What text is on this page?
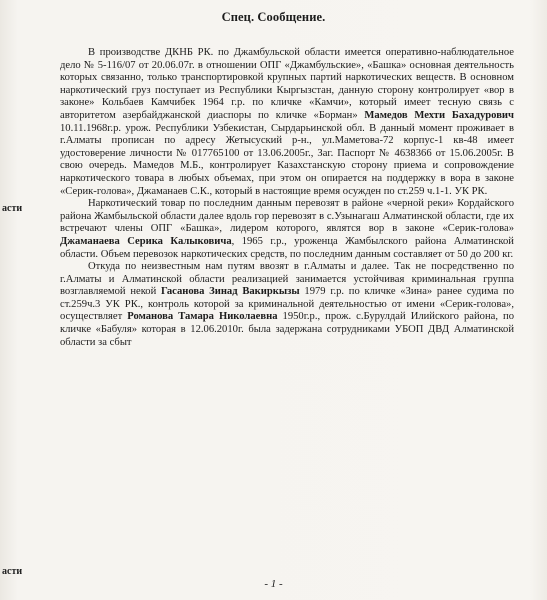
асти
асти
Спец. Сообщение.

В производстве ДКНБ РК. по Джамбульской области имеется оперативно-наблюдательное дело № 5-116/07 от 20.06.07г. в отношении ОПГ «Джамбульские», «Башка» основная деятельность которых связанно, только транспортировкой крупных партий наркотических веществ. В основном наркотический груз поступает из Республики Кыргызстан, данную сторону контролирует «вор в законе» Кольбаев Камчибек 1964 г.р. по кличке «Камчи», который имеет тесную связь с авторитетом азербайджанской диаспоры по кличке «Борман» Мамедов Мехти Бахадурович 10.11.1968г.р. урож. Республики Узбекистан, Сырдарьинской обл. В данный момент проживает в г.Алматы прописан по адресу Жетысуский р-н., ул.Маметова-72 корпус-1 кв-48 имеет удостоверение личности № 017765100 от 13.06.2005г., Заг. Паспорт № 4638366 от 15.06.2005г. В свою очередь. Мамедов М.Б., контролирует Казахстанскую сторону приема и сопровождение наркотического товара в любых объемах, при этом он опирается на поддержку в вора в законе «Серик-голова», Джаманаев С.К., который в настоящие время осужден по ст.259 ч.1-1. УК РК.

Наркотический товар по последним данным перевозят в районе «черной реки» Кордайского района Жамбыльской области далее вдоль гор перевозят в с.Узынагаш Алматинской области, где их встречают члены ОПГ «Башка», лидером которого, являтся вор в законе «Серик-голова» Джаманаева Серика Калыковича, 1965 г.р., уроженца Жамбылского района Алматинской области. Объем перевозок наркотических средств, по последним данным составляет от 50 до 200 кг.

Откуда по неизвестным нам путям ввозят в г.Алматы и далее. Так не посредственно по г.Алматы и Алматинской области реализацией занимается устойчивая криминальная группа возглавляемой некой Гасанова Зинад Вакиркызы 1979 г.р. по кличке «Зина» ранее судима по ст.259ч.3 УК РК., контроль которой за криминальной деятельностью от имени «Серик-голова», осуществляет Романова Тамара Николаевна 1950г.р., прож. с.Бурулдай Илийского района, по кличке «Бабуля» которая в 12.06.2010г. была задержана сотрудниками УБОП ДВД Алматинской области за сбыт

- 1 -
